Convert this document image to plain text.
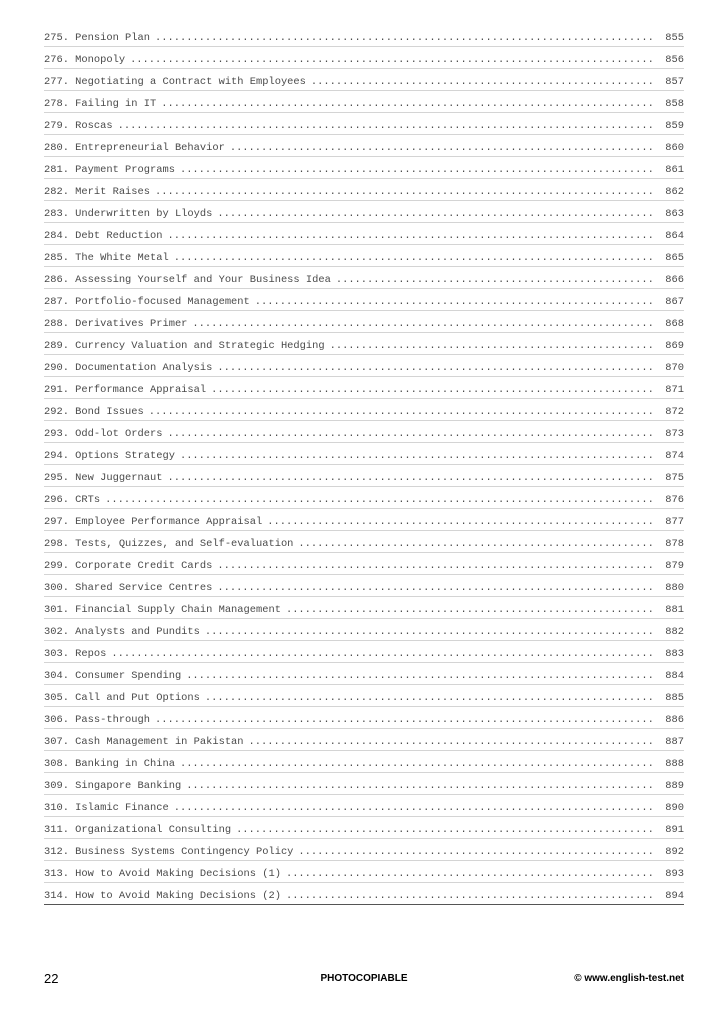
275. Pension Plan .....	855
276. Monopoly .....	856
277. Negotiating a Contract with Employees .....	857
278. Failing in IT .....	858
279. Roscas .....	859
280. Entrepreneurial Behavior .....	860
281. Payment Programs .....	861
282. Merit Raises .....	862
283. Underwritten by Lloyds .....	863
284. Debt Reduction .....	864
285. The White Metal .....	865
286. Assessing Yourself and Your Business Idea .....	866
287. Portfolio-focused Management .....	867
288. Derivatives Primer .....	868
289. Currency Valuation and Strategic Hedging .....	869
290. Documentation Analysis .....	870
291. Performance Appraisal .....	871
292. Bond Issues .....	872
293. Odd-lot Orders .....	873
294. Options Strategy .....	874
295. New Juggernaut .....	875
296. CRTs .....	876
297. Employee Performance Appraisal .....	877
298. Tests, Quizzes, and Self-evaluation .....	878
299. Corporate Credit Cards .....	879
300. Shared Service Centres .....	880
301. Financial Supply Chain Management .....	881
302. Analysts and Pundits .....	882
303. Repos .....	883
304. Consumer Spending .....	884
305. Call and Put Options .....	885
306. Pass-through .....	886
307. Cash Management in Pakistan .....	887
308. Banking in China .....	888
309. Singapore Banking .....	889
310. Islamic Finance .....	890
311. Organizational Consulting .....	891
312. Business Systems Contingency Policy .....	892
313. How to Avoid Making Decisions (1) .....	893
314. How to Avoid Making Decisions (2) .....	894
22	PHOTOCOPIABLE	© www.english-test.net
